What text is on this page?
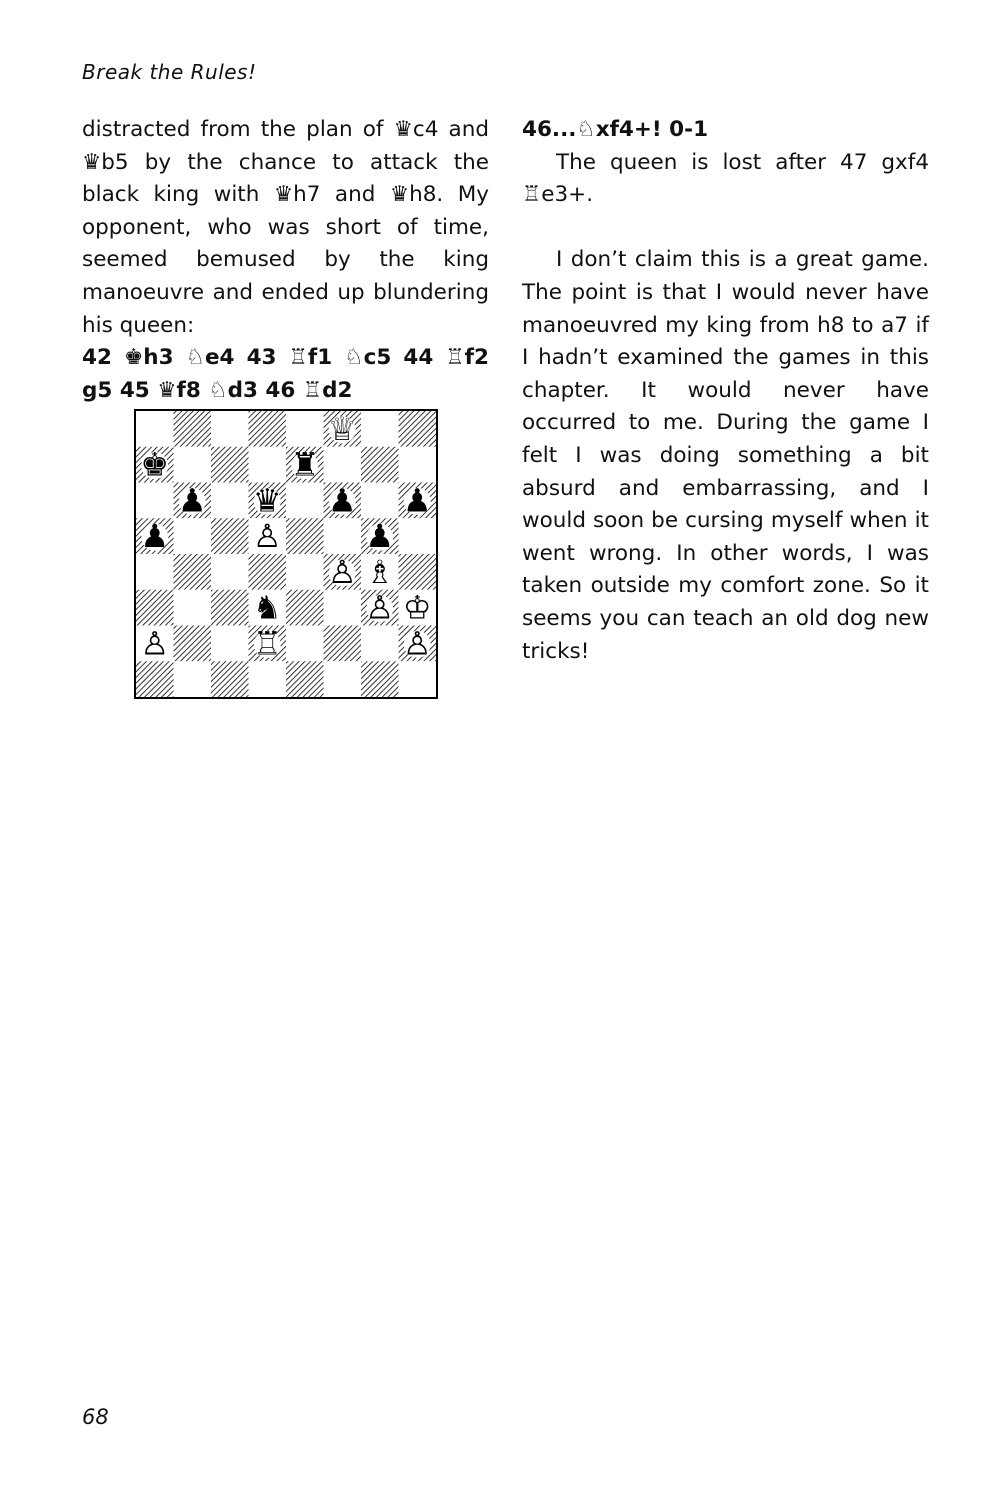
Break the Rules!

distracted from the plan of ♛c4 and ♛b5 by the chance to attack the black king with ♛h7 and ♛h8. My opponent, who was short of time, seemed bemused by the king manoeuvre and ended up blundering his queen:

42 ♚h3 ♘e4 43 ♖f1 ♘c5 44 ♖f2 g5 45 ♛f8 ♘d3 46 ♖d2

♕
♚	♜
♟ ♛ ♟ ♟
♟	♙	♟
♙ ♗
♞	♙ ♔
♙	♖	♙

46...♘xf4+! 0-1

The queen is lost after 47 gxf4 ♖e3+.

I don’t claim this is a great game. The point is that I would never have manoeuvred my king from h8 to a7 if I hadn’t examined the games in this chapter. It would never have occurred to me. During the game I felt I was doing something a bit absurd and embarrassing, and I would soon be cursing myself when it went wrong. In other words, I was taken outside my comfort zone. So it seems you can teach an old dog new tricks!

68
